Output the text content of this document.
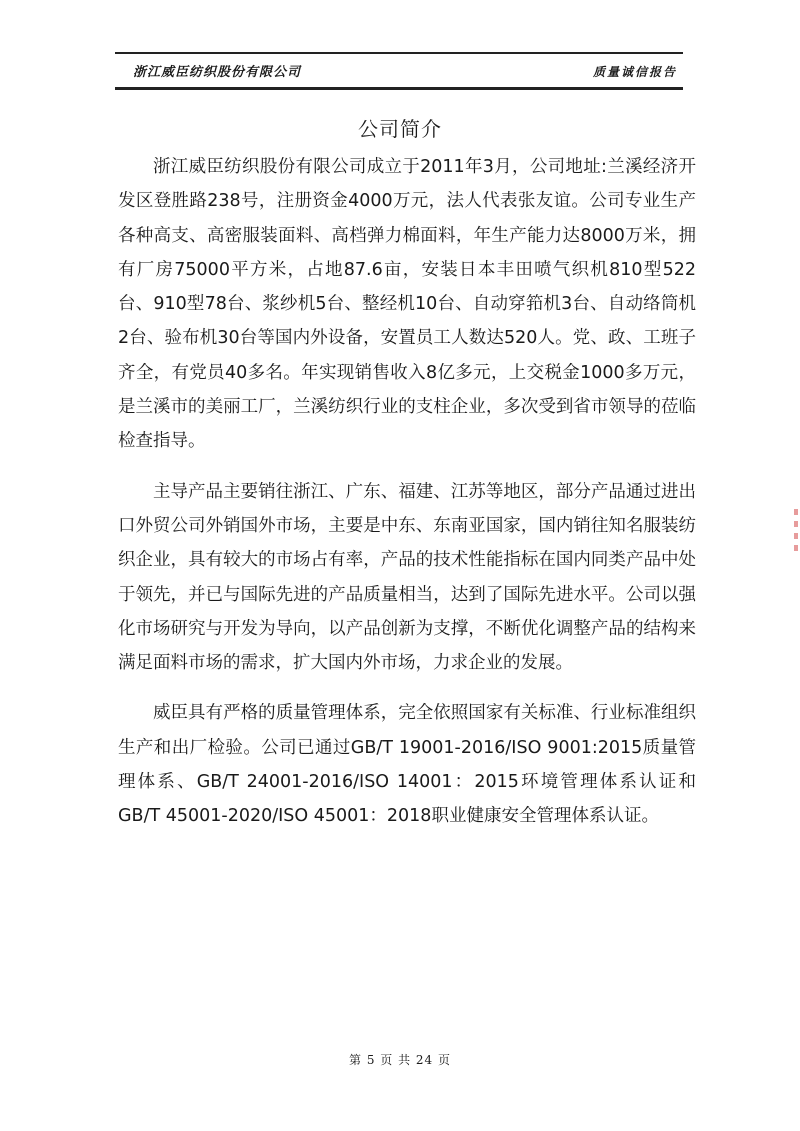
浙江威臣纺织股份有限公司	质量诚信报告
公司简介

浙江威臣纺织股份有限公司成立于2011年3月，公司地址:兰溪经济开发区登胜路238号，注册资金4000万元，法人代表张友谊。公司专业生产各种高支、高密服装面料、高档弹力棉面料，年生产能力达8000万米，拥有厂房75000平方米，占地87.6亩，安装日本丰田喷气织机810型522台、910型78台、浆纱机5台、整经机10台、自动穿筘机3台、自动络筒机2台、验布机30台等国内外设备，安置员工人数达520人。党、政、工班子齐全，有党员40多名。年实现销售收入8亿多元，上交税金1000多万元，是兰溪市的美丽工厂，兰溪纺织行业的支柱企业，多次受到省市领导的莅临检查指导。

主导产品主要销往浙江、广东、福建、江苏等地区，部分产品通过进出口外贸公司外销国外市场，主要是中东、东南亚国家，国内销往知名服装纺织企业，具有较大的市场占有率，产品的技术性能指标在国内同类产品中处于领先，并已与国际先进的产品质量相当，达到了国际先进水平。公司以强化市场研究与开发为导向，以产品创新为支撑，不断优化调整产品的结构来满足面料市场的需求，扩大国内外市场，力求企业的发展。

威臣具有严格的质量管理体系，完全依照国家有关标准、行业标准组织生产和出厂检验。公司已通过GB/T 19001-2016/ISO 9001:2015质量管理体系、GB/T 24001-2016/ISO 14001：2015环境管理体系认证和GB/T 45001-2020/ISO 45001：2018职业健康安全管理体系认证。

第 5 页 共 24 页
